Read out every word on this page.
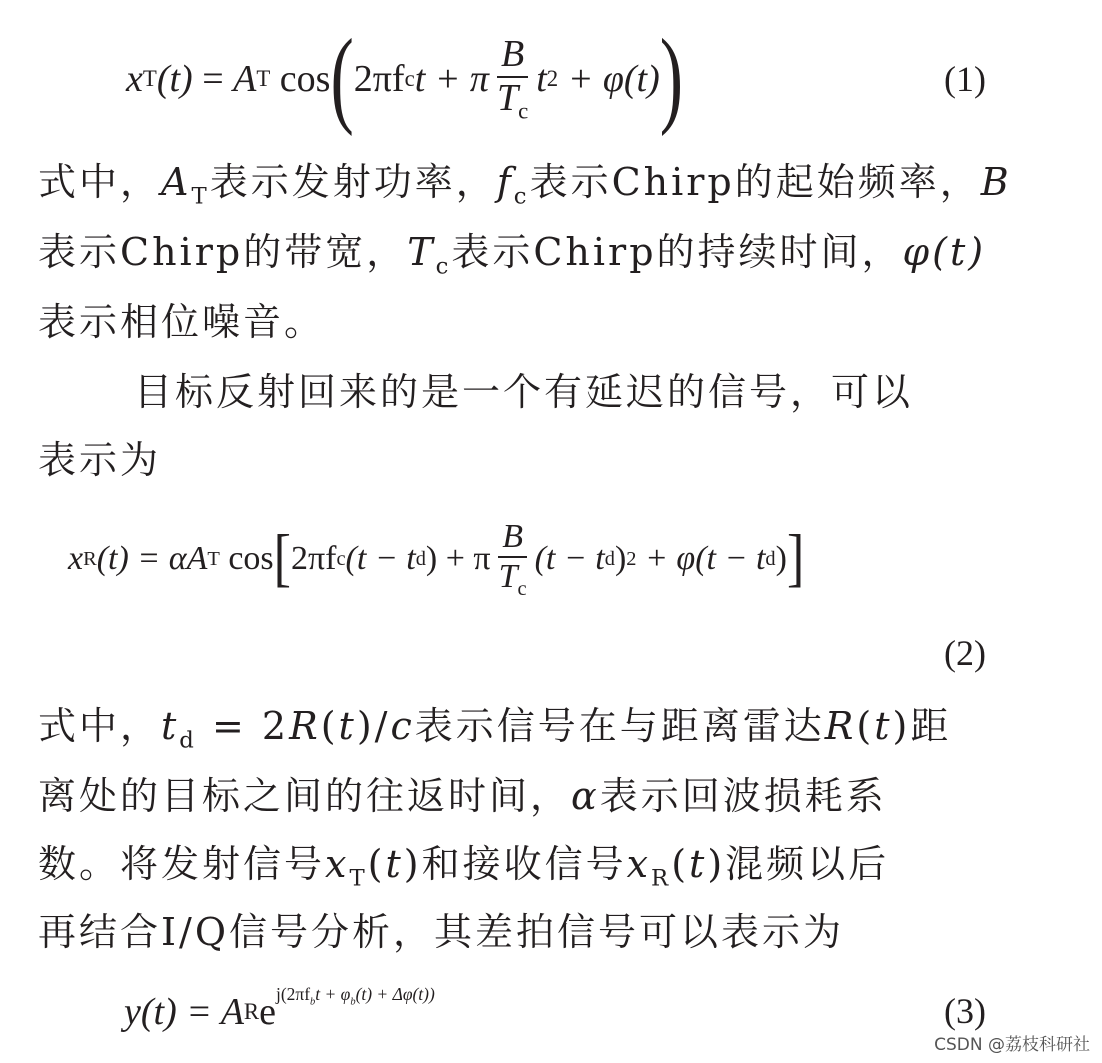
x T (t) = A T cos ( 2πf c t + π $\frac{B}{T_c}$ t 2 + φ(t) )	(1)
式中，$A_T$表示发射功率，$f_c$表示Chirp的起始频率，B
表示Chirp的带宽，$T_c$表示Chirp的持续时间，φ(t)
表示相位噪音。
目标反射回来的是一个有延迟的信号，可以
表示为
x R (t) = αA T cos [ 2πf c (t − t d ) + π $\frac{B}{T_c} (t - t$ d ) 2 + φ(t − t d ) ]
(2)
式中，$t_d = 2R(t)/c$表示信号在与距离雷达R(t)距
离处的目标之间的往返时间，α表示回波损耗系
数。将发射信号$x_T(t)$和接收信号$x_R(t)$混频以后
再结合I/Q信号分析，其差拍信号可以表示为
y(t) = A R e $^{j(2\pi f_bt + \varphi_b(t) + \Delta\varphi(t))}$	(3)
CSDN @荔枝科研社
